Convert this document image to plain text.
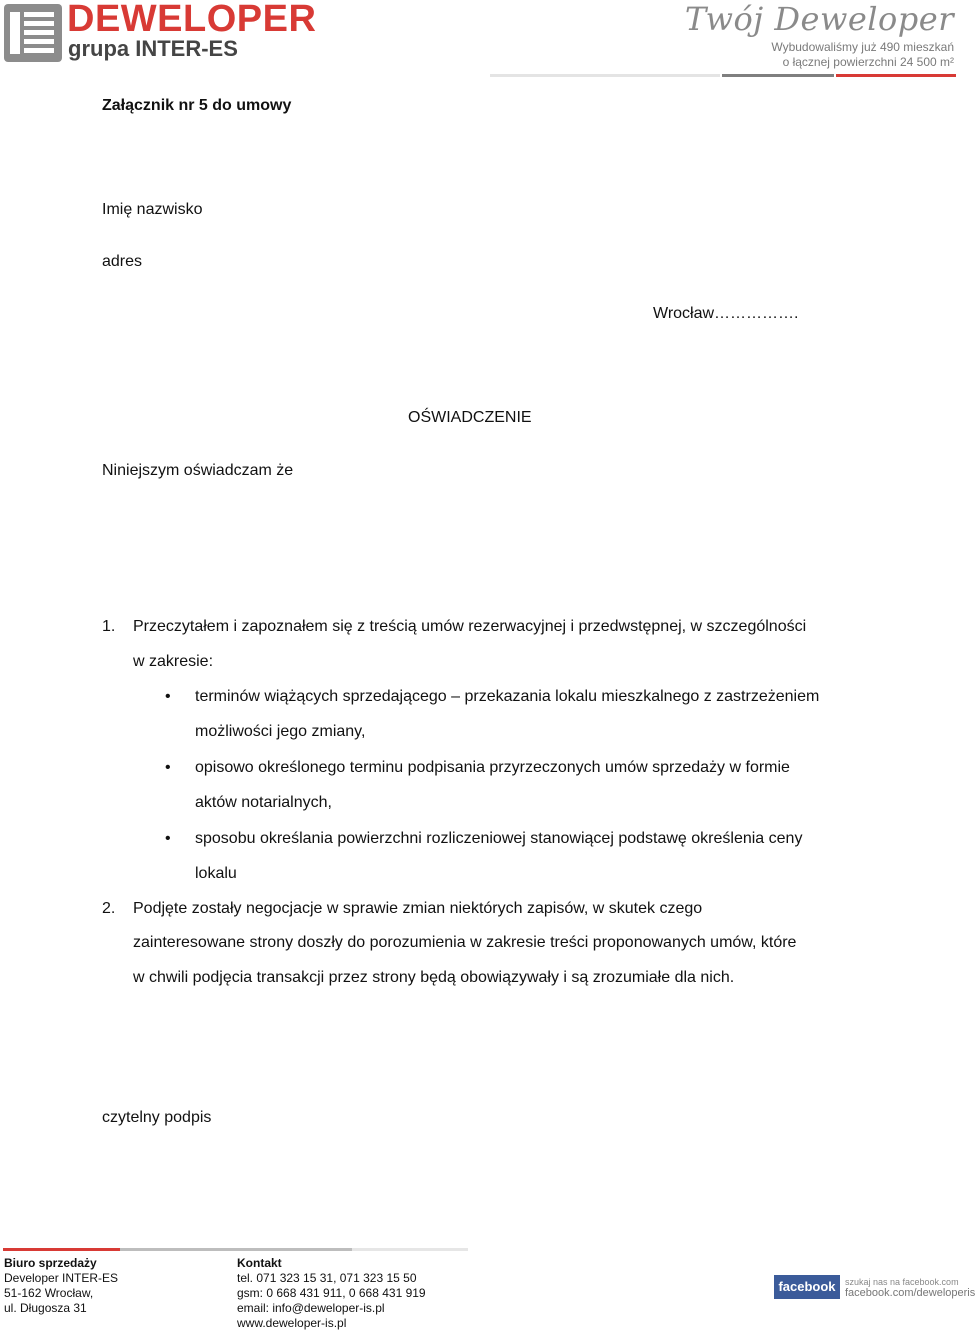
DEWELOPER
grupa INTER-ES
Twój Deweloper
Wybudowaliśmy już 490 mieszkań
o łącznej powierzchni 24 500 m²
Załącznik nr 5 do umowy
Imię nazwisko
adres
Wrocław…………….
OŚWIADCZENIE
Niniejszym oświadczam że
1. Przeczytałem i zapoznałem się z treścią umów rezerwacyjnej i przedwstępnej, w szczególności
w zakresie:
• terminów wiążących sprzedającego – przekazania lokalu mieszkalnego z zastrzeżeniem
możliwości jego zmiany,
• opisowo określonego terminu podpisania przyrzeczonych umów sprzedaży w formie
aktów notarialnych,
• sposobu określania powierzchni rozliczeniowej stanowiącej podstawę określenia ceny
lokalu
2. Podjęte zostały negocjacje w sprawie zmian niektórych zapisów, w skutek czego
zainteresowane strony doszły do porozumienia w zakresie treści proponowanych umów, które
w chwili podjęcia transakcji przez strony będą obowiązywały i są zrozumiałe dla nich.
czytelny podpis
Biuro sprzedaży
Developer INTER-ES
51-162 Wrocław,
ul. Długosza 31
Kontakt
tel. 071 323 15 31, 071 323 15 50
gsm: 0 668 431 911, 0 668 431 919
email: info@deweloper-is.pl
www.deweloper-is.pl
facebook	szukaj nas na facebook.com
facebook.com/deweloperis
